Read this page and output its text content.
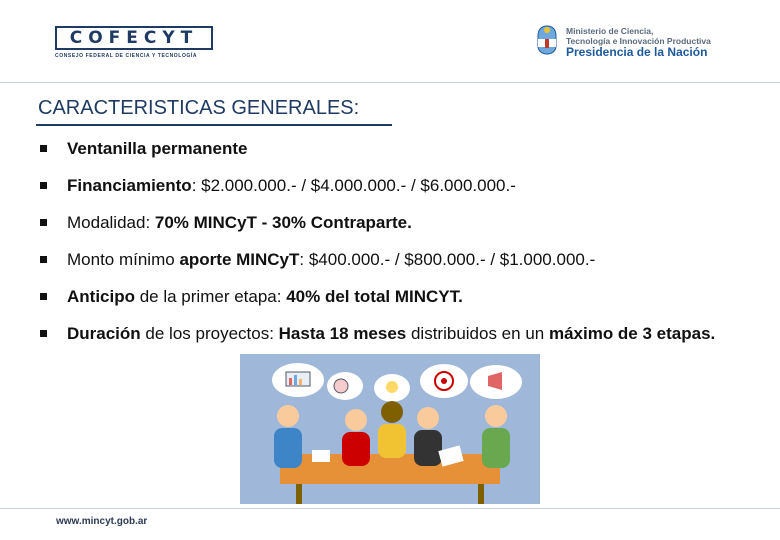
COFECYT
CONSEJO FEDERAL DE CIENCIA Y TECNOLOGÍA
Ministerio de Ciencia,
Tecnología e Innovación Productiva
Presidencia de la Nación
CARACTERISTICAS GENERALES:
Ventanilla permanente
Financiamiento: $2.000.000.- / $4.000.000.- / $6.000.000.-
Modalidad: 70% MINCyT - 30% Contraparte.
Monto mínimo aporte MINCyT: $400.000.- / $800.000.- / $1.000.000.-
Anticipo de la primer etapa: 40% del total MINCYT.
Duración de los proyectos: Hasta 18 meses distribuidos en un máximo de 3 etapas.
www.mincyt.gob.ar
